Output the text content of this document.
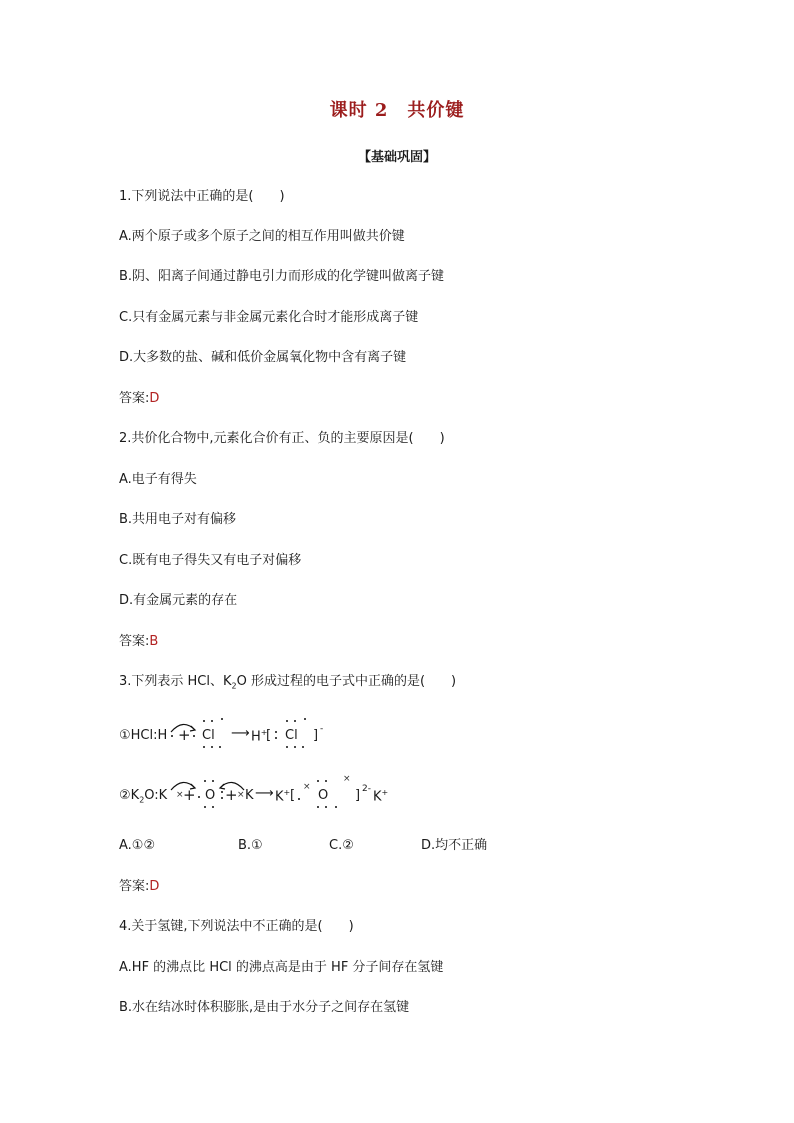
课时 2　共价键
【基础巩固】
1.下列说法中正确的是(　　)
A.两个原子或多个原子之间的相互作用叫做共价键
B.阴、阳离子间通过静电引力而形成的化学键叫做离子键
C.只有金属元素与非金属元素化合时才能形成离子键
D.大多数的盐、碱和低价金属氧化物中含有离子键
答案:D
2.共价化合物中,元素化合价有正、负的主要原因是(　　)
A.电子有得失
B.共用电子对有偏移
C.既有电子得失又有电子对偏移
D.有金属元素的存在
答案:B
3.下列表示 HCl、$K_2O$ 形成过程的电子式中正确的是(　　)
①HCl:H + Cl ⟶ H+
[ Cl ] -
$②K_2O:K$ × + O + × K ⟶ K+ [
×
×
O ] 2-
K+
A.①②	B.①	C.②	D.均不正确
答案:D
4.关于氢键,下列说法中不正确的是(　　)
A.HF 的沸点比 HCl 的沸点高是由于 HF 分子间存在氢键
B.水在结冰时体积膨胀,是由于水分子之间存在氢键
